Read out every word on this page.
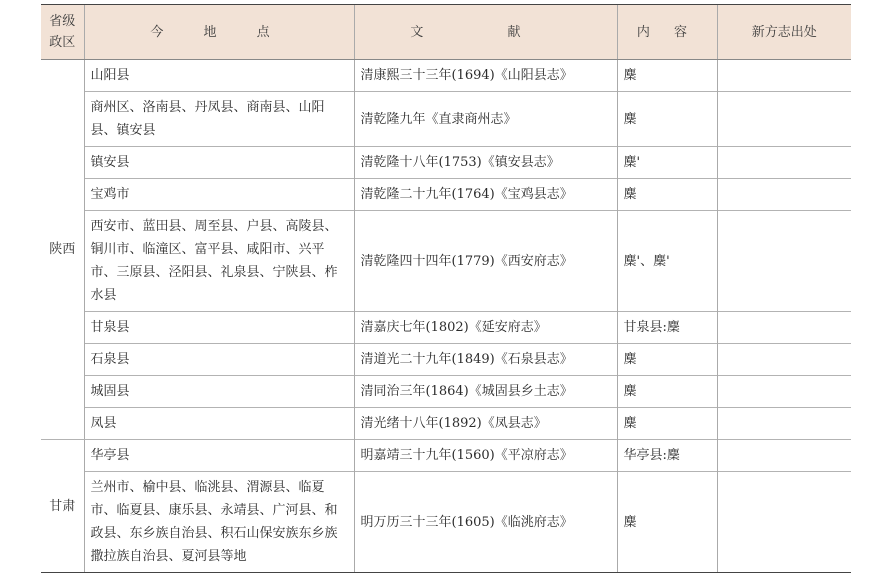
省级
政区	今 地 点	文 献	内 容	新方志出处
陕西	山阳县	清康熙三十三年(1694)《山阳县志》	麇	
	商州区、洛南县、丹凤县、商南县、山阳县、镇安县	清乾隆九年《直隶商州志》	麇	
	镇安县	清乾隆十八年(1753)《镇安县志》	麇'	
	宝鸡市	清乾隆二十九年(1764)《宝鸡县志》	麇	
	西安市、蓝田县、周至县、户县、高陵县、铜川市、临潼区、富平县、咸阳市、兴平市、三原县、泾阳县、礼泉县、宁陕县、柞水县	清乾隆四十四年(1779)《西安府志》	麇'、麇'	
	甘泉县	清嘉庆七年(1802)《延安府志》	甘泉县:麇	
	石泉县	清道光二十九年(1849)《石泉县志》	麇	
	城固县	清同治三年(1864)《城固县乡土志》	麇	
	凤县	清光绪十八年(1892)《凤县志》	麇	
甘肃	华亭县	明嘉靖三十九年(1560)《平凉府志》	华亭县:麇	
	兰州市、榆中县、临洮县、渭源县、临夏市、临夏县、康乐县、永靖县、广河县、和政县、东乡族自治县、积石山保安族东乡族撒拉族自治县、夏河县等地	明万历三十三年(1605)《临洮府志》	麇	
